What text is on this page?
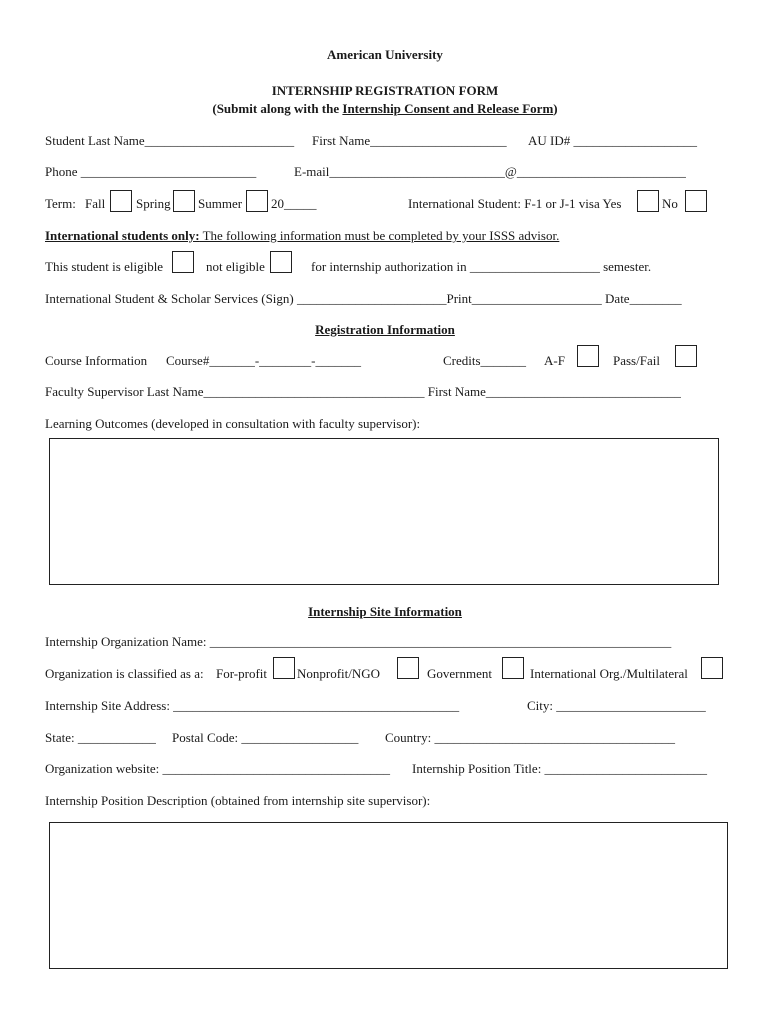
American University
INTERNSHIP REGISTRATION FORM
(Submit along with the Internship Consent and Release Form)
Student Last Name_______________________ First Name_____________________ AU ID# ___________________
Phone ___________________________	E-mail___________________________@__________________________
Term: Fall Spring Summer 20_____	International Student: F-1 or J-1 visa Yes	No
International students only: The following information must be completed by your ISSS advisor.
This student is eligible	not eligible	for internship authorization in ____________________ semester.
International Student & Scholar Services (Sign) _______________________Print____________________ Date________
Registration Information
Course Information Course#_______-________-_______	Credits_______ A-F	Pass/Fail
Faculty Supervisor Last Name__________________________________ First Name______________________________
Learning Outcomes (developed in consultation with faculty supervisor):
Internship Site Information
Internship Organization Name: _______________________________________________________________________
Organization is classified as a: For-profit Nonprofit/NGO	Government	International Org./Multilateral
Internship Site Address: ____________________________________________	City: _______________________
State: ____________ Postal Code: __________________ Country: _____________________________________
Organization website: ___________________________________ Internship Position Title: _________________________
Internship Position Description (obtained from internship site supervisor):
